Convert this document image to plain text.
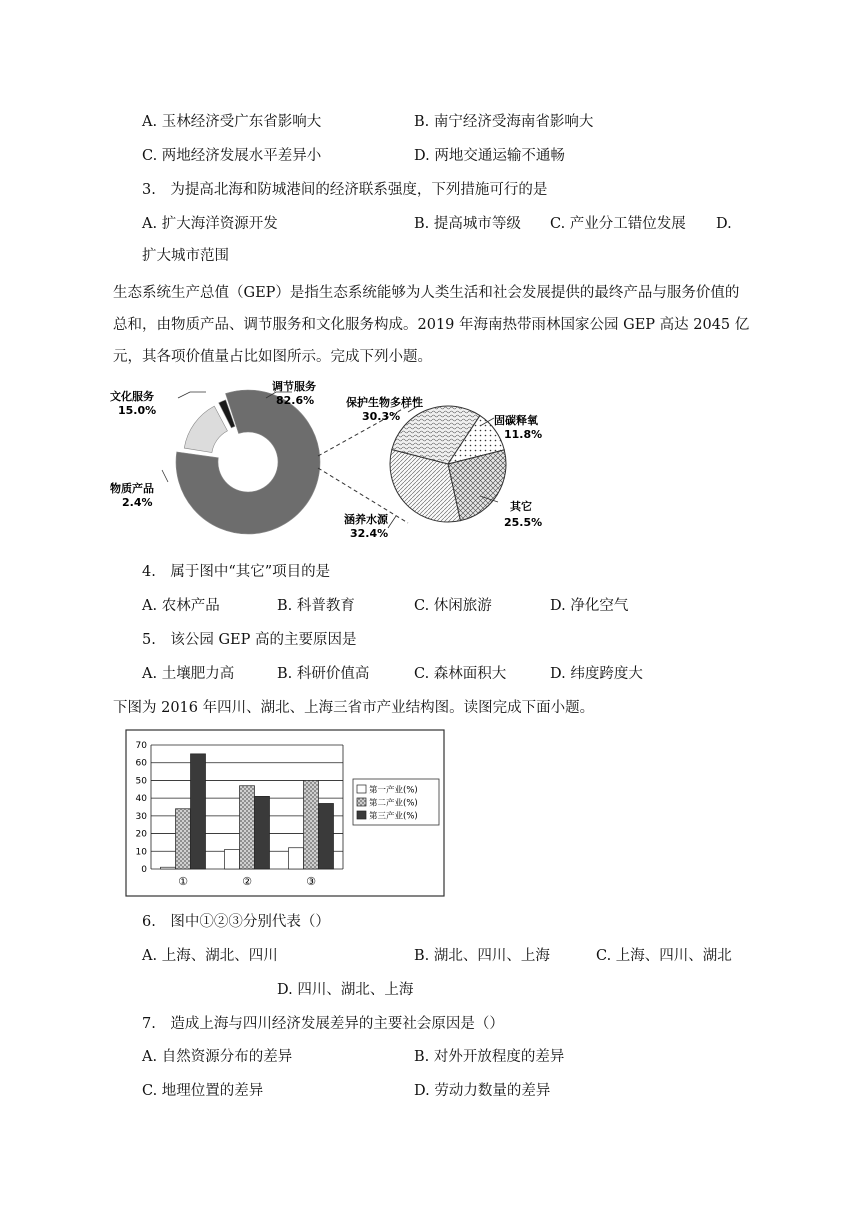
A. 玉林经济受广东省影响大	B. 南宁经济受海南省影响大
C. 两地经济发展水平差异小	D. 两地交通运输不通畅
3.　为提高北海和防城港间的经济联系强度，下列措施可行的是
A. 扩大海洋资源开发	B. 提高城市等级 C. 产业分工错位发展 D.
扩大城市范围
生态系统生产总值（GEP）是指生态系统能够为人类生活和社会发展提供的最终产品与服务价值的总和，由物质产品、调节服务和文化服务构成。2019 年海南热带雨林国家公园 GEP 高达 2045 亿元，其各项价值量占比如图所示。完成下列小题。
文化服务
15.0%
调节服务
82.6%
物质产品
2.4%
保护生物多样性
30.3%	固碳释氧
11.8%
其它
25.5%
涵养水源
32.4%
4.　属于图中“其它”项目的是
A. 农林产品	B. 科普教育	C. 休闲旅游	D. 净化空气
5.　该公园 GEP 高的主要原因是
A. 土壤肥力高	B. 科研价值高	C. 森林面积大	D. 纬度跨度大
下图为 2016 年四川、湖北、上海三省市产业结构图。读图完成下面小题。
0
10
20
30
40
50
60
70
①	②	③
第一产业(%)
第二产业(%)
第三产业(%)
6.　图中①②③分别代表（）
A. 上海、湖北、四川	B. 湖北、四川、上海	C. 上海、四川、湖北
D. 四川、湖北、上海
7.　造成上海与四川经济发展差异的主要社会原因是（）
A. 自然资源分布的差异	B. 对外开放程度的差异
C. 地理位置的差异	D. 劳动力数量的差异
